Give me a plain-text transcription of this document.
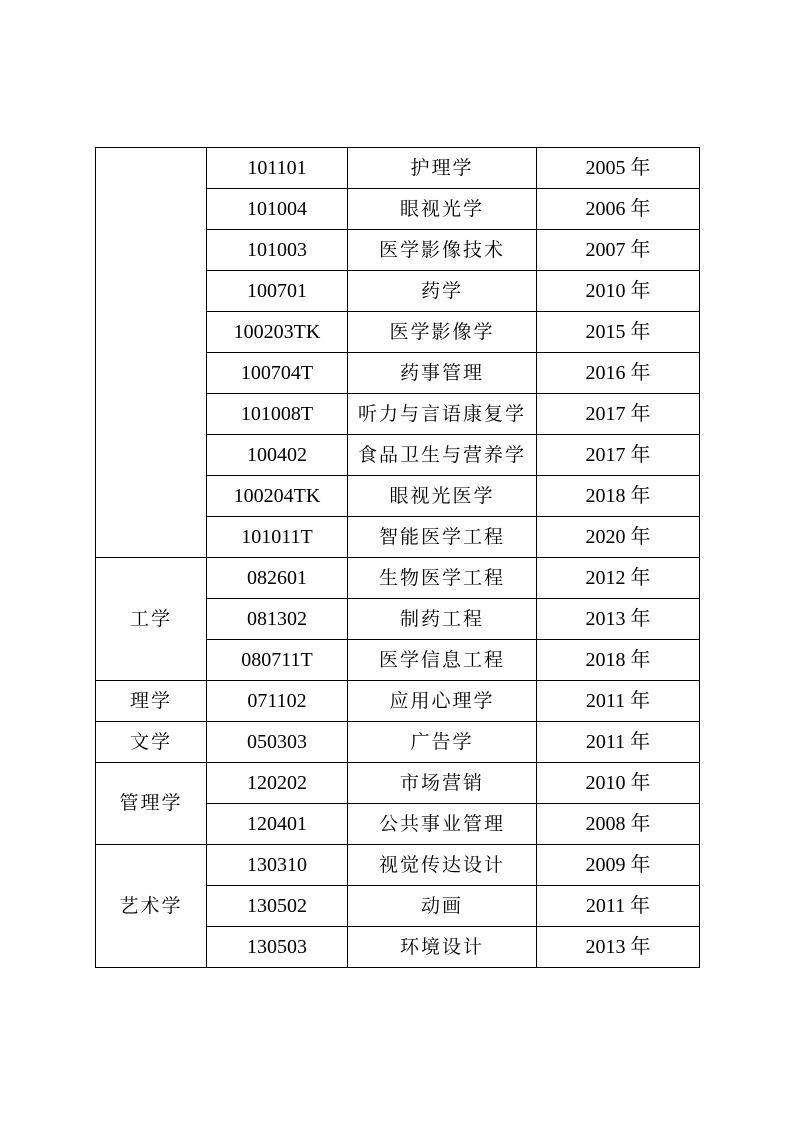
	101101	护理学	2005 年
	101004	眼视光学	2006 年
	101003	医学影像技术	2007 年
	100701	药学	2010 年
	100203TK	医学影像学	2015 年
	100704T	药事管理	2016 年
	101008T	听力与言语康复学	2017 年
	100402	食品卫生与营养学	2017 年
	100204TK	眼视光医学	2018 年
	101011T	智能医学工程	2020 年
工学	082601	生物医学工程	2012 年
	081302	制药工程	2013 年
	080711T	医学信息工程	2018 年
理学	071102	应用心理学	2011 年
文学	050303	广告学	2011 年
管理学	120202	市场营销	2010 年
	120401	公共事业管理	2008 年
艺术学	130310	视觉传达设计	2009 年
	130502	动画	2011 年
	130503	环境设计	2013 年
